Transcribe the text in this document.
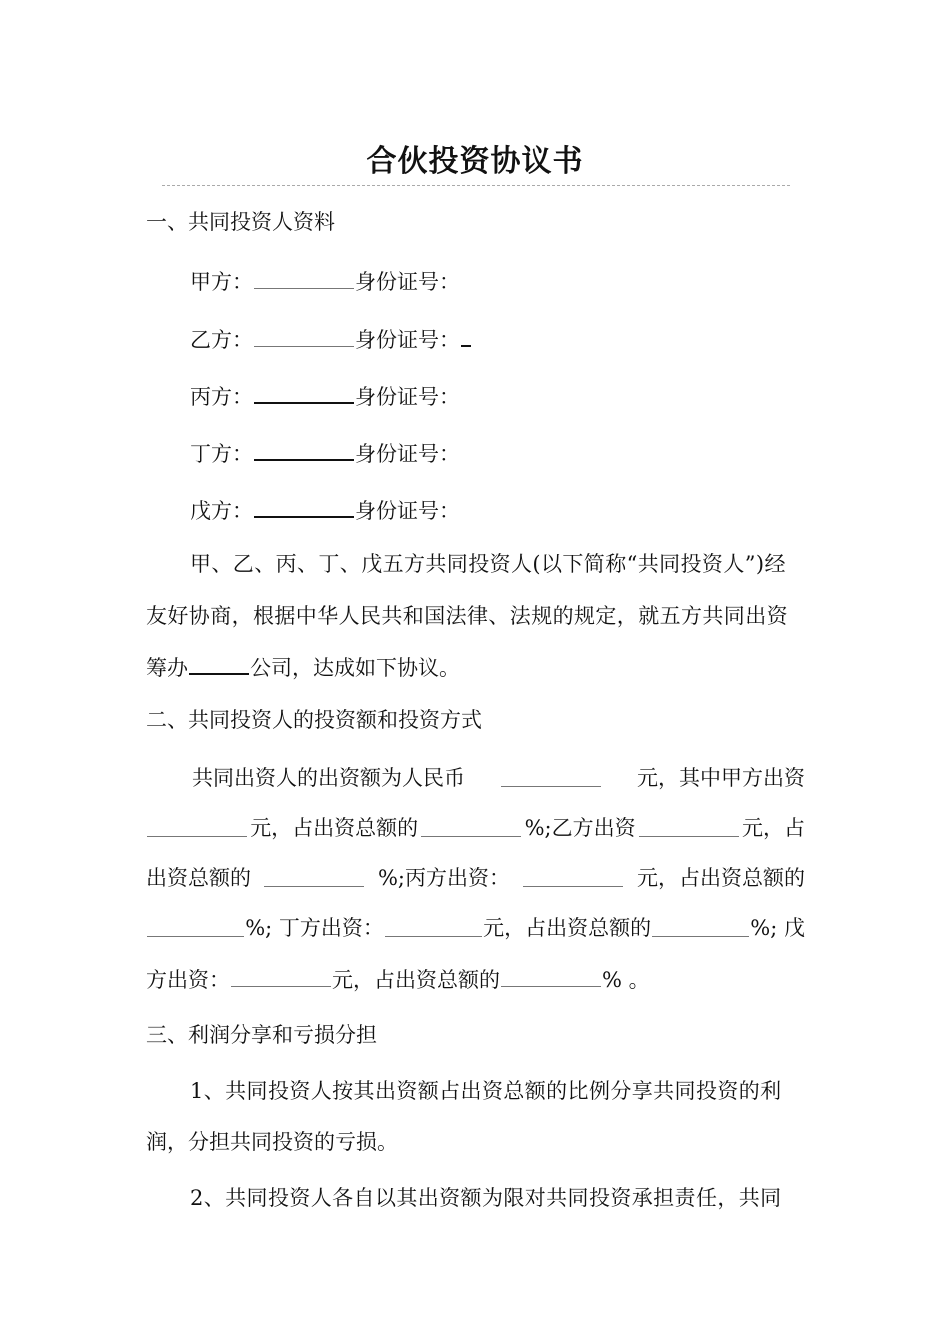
合伙投资协议书
一、共同投资人资料
甲方：	身份证号：
乙方：	身份证号：
丙方：	身份证号：
丁方：	身份证号：
戊方：	身份证号：
甲、乙、丙、丁、戊五方共同投资人(以下简称“共同投资人”)经
友好协商，根据中华人民共和国法律、法规的规定，就五方共同出资
筹办	公司，达成如下协议。
二、共同投资人的投资额和投资方式
共同出资人的出资额为人民币	元，其中甲方出资
元，占出资总额的	%;乙方出资	元，占
出资总额的	%;丙方出资：	元，占出资总额的
%; 丁方出资：	元，占出资总额的	%; 戊
方出资：	元，占出资总额的	% 。
三、利润分享和亏损分担
1、共同投资人按其出资额占出资总额的比例分享共同投资的利
润，分担共同投资的亏损。
2、共同投资人各自以其出资额为限对共同投资承担责任，共同
